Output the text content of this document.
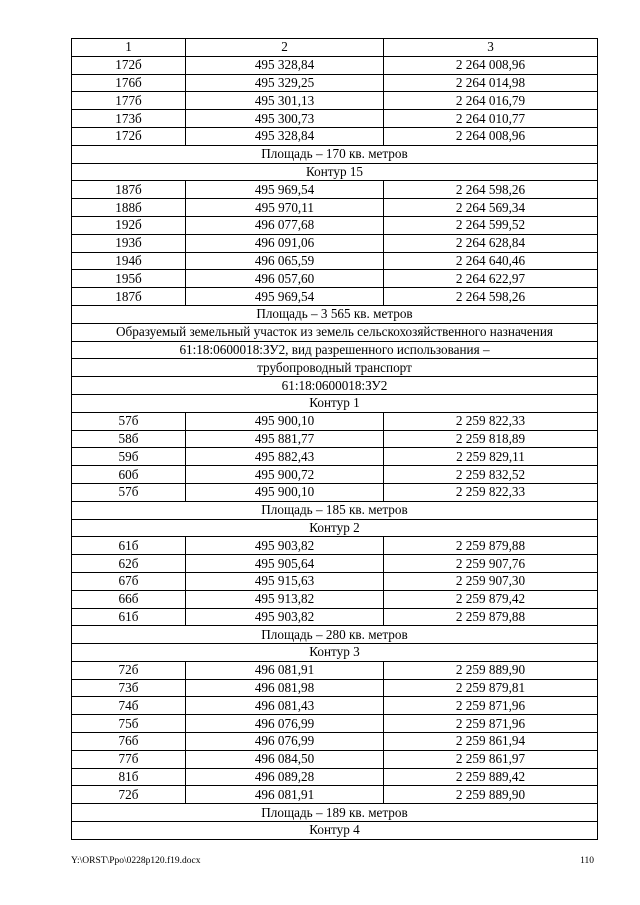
1	2	3
172б	495 328,84	2 264 008,96
176б	495 329,25	2 264 014,98
177б	495 301,13	2 264 016,79
173б	495 300,73	2 264 010,77
172б	495 328,84	2 264 008,96
Площадь – 170 кв. метров		
Контур 15		
187б	495 969,54	2 264 598,26
188б	495 970,11	2 264 569,34
192б	496 077,68	2 264 599,52
193б	496 091,06	2 264 628,84
194б	496 065,59	2 264 640,46
195б	496 057,60	2 264 622,97
187б	495 969,54	2 264 598,26
Площадь – 3 565 кв. метров		
Образуемый земельный участок из земель сельскохозяйственного назначения		
61:18:0600018:ЗУ2, вид разрешенного использования –		
трубопроводный транспорт		
61:18:0600018:ЗУ2		
Контур 1		
57б	495 900,10	2 259 822,33
58б	495 881,77	2 259 818,89
59б	495 882,43	2 259 829,11
60б	495 900,72	2 259 832,52
57б	495 900,10	2 259 822,33
Площадь – 185 кв. метров		
Контур 2		
61б	495 903,82	2 259 879,88
62б	495 905,64	2 259 907,76
67б	495 915,63	2 259 907,30
66б	495 913,82	2 259 879,42
61б	495 903,82	2 259 879,88
Площадь – 280 кв. метров		
Контур 3		
72б	496 081,91	2 259 889,90
73б	496 081,98	2 259 879,81
74б	496 081,43	2 259 871,96
75б	496 076,99	2 259 871,96
76б	496 076,99	2 259 861,94
77б	496 084,50	2 259 861,97
81б	496 089,28	2 259 889,42
72б	496 081,91	2 259 889,90
Площадь – 189 кв. метров		
Контур 4		
Y:\ORST\Ppo\0228p120.f19.docx	110
